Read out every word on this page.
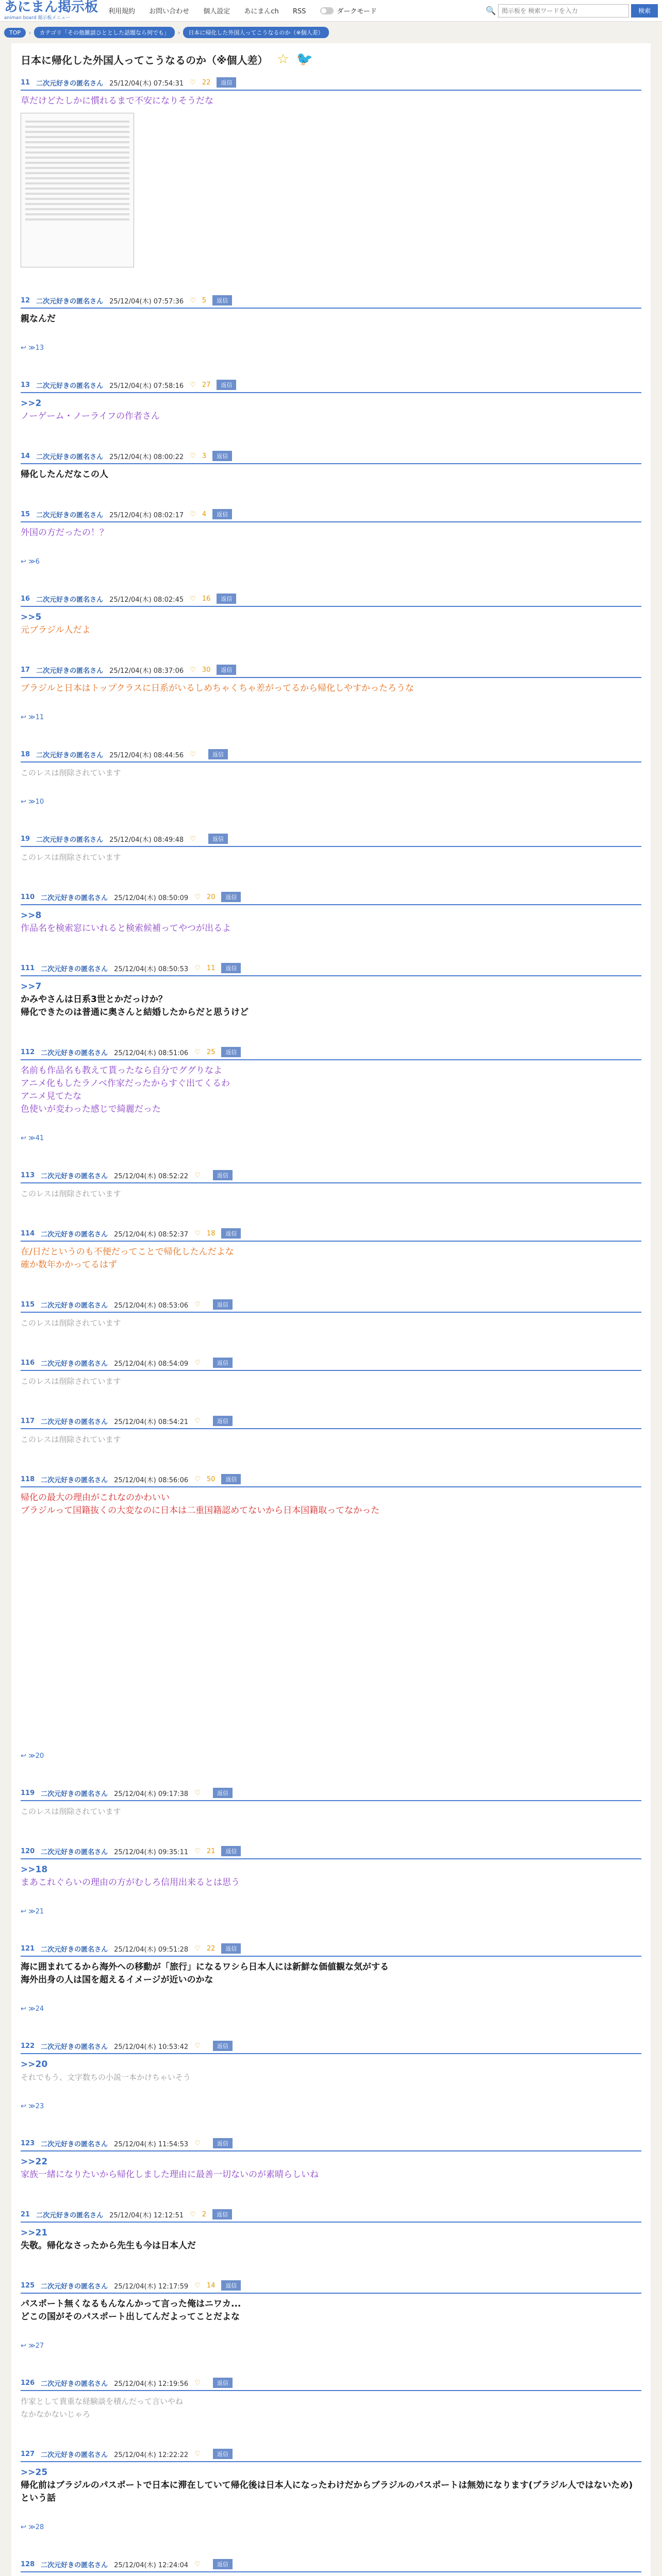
あにまん掲示板
animan board 掲示板メニュー
利用規約 お問い合わせ 個人設定 あにまんch RSS	ダークモード	🔍
掲示板を 検索ワードを入力	検索
TOP	›	カテゴリ「その他雑談ひととした話題なら何でも」	›	日本に帰化した外国人ってこうなるのか（※個人差）
日本に帰化した外国人ってこうなるのか（※個人差） ☆ 🐦
11 二次元好きの匿名さん 25/12/04(木) 07:54:31 ♡ 22	返信
草だけどたしかに慣れるまで不安になりそうだな
12 二次元好きの匿名さん 25/12/04(木) 07:57:36 ♡ 5	返信
親なんだ
↩ ≫13
13 二次元好きの匿名さん 25/12/04(木) 07:58:16 ♡ 27	返信
>>2
ノーゲーム・ノーライフの作者さん
14 二次元好きの匿名さん 25/12/04(木) 08:00:22 ♡ 3	返信
帰化したんだなこの人
15 二次元好きの匿名さん 25/12/04(木) 08:02:17 ♡ 4	返信
外国の方だったの！？
↩ ≫6
16 二次元好きの匿名さん 25/12/04(木) 08:02:45 ♡ 16	返信
>>5
元ブラジル人だよ
17 二次元好きの匿名さん 25/12/04(木) 08:37:06 ♡ 30	返信
ブラジルと日本はトップクラスに日系がいるしめちゃくちゃ差がってるから帰化しやすかったろうな
↩ ≫11
18 二次元好きの匿名さん 25/12/04(木) 08:44:56 ♡	返信
このレスは削除されています
↩ ≫10
19 二次元好きの匿名さん 25/12/04(木) 08:49:48 ♡	返信
このレスは削除されています
110 二次元好きの匿名さん 25/12/04(木) 08:50:09 ♡ 20	返信
>>8
作品名を検索窓にいれると検索候補ってやつが出るよ
111 二次元好きの匿名さん 25/12/04(木) 08:50:53 ♡ 11	返信
>>7
かみやさんは日系3世とかだっけか？
帰化できたのは普通に奥さんと結婚したからだと思うけど
112 二次元好きの匿名さん 25/12/04(木) 08:51:06 ♡ 25	返信
名前も作品名も教えて貰ったなら自分でググりなよ
アニメ化もしたラノベ作家だったからすぐ出てくるわ
アニメ見てたな
色使いが変わった感じで綺麗だった
↩ ≫41
113 二次元好きの匿名さん 25/12/04(木) 08:52:22 ♡	返信
このレスは削除されています
114 二次元好きの匿名さん 25/12/04(木) 08:52:37 ♡ 18	返信
在/日だというのも不便だってことで帰化したんだよな
確か数年かかってるはず
115 二次元好きの匿名さん 25/12/04(木) 08:53:06 ♡	返信
このレスは削除されています
116 二次元好きの匿名さん 25/12/04(木) 08:54:09 ♡	返信
このレスは削除されています
117 二次元好きの匿名さん 25/12/04(木) 08:54:21 ♡	返信
このレスは削除されています
118 二次元好きの匿名さん 25/12/04(木) 08:56:06 ♡ 50	返信
帰化の最大の理由がこれなのかわいい
ブラジルって国籍抜くの大変なのに日本は二重国籍認めてないから日本国籍取ってなかった
↩ ≫20
119 二次元好きの匿名さん 25/12/04(木) 09:17:38 ♡	返信
このレスは削除されています
120 二次元好きの匿名さん 25/12/04(木) 09:35:11 ♡ 21	返信
>>18
まあこれぐらいの理由の方がむしろ信用出来るとは思う
↩ ≫21
121 二次元好きの匿名さん 25/12/04(木) 09:51:28 ♡ 22	返信
海に囲まれてるから海外への移動が「旅行」になるワシら日本人には新鮮な価値観な気がする
海外出身の人は国を超えるイメージが近いのかな
↩ ≫24
122 二次元好きの匿名さん 25/12/04(木) 10:53:42 ♡	返信
>>20
それでもう、文字数ちの小説一本かけちゃいそう
↩ ≫23
123 二次元好きの匿名さん 25/12/04(木) 11:54:53 ♡	返信
>>22
家族一緒になりたいから帰化しました理由に最善一切ないのが素晴らしいね
21 二次元好きの匿名さん 25/12/04(木) 12:12:51 ♡ 2	返信
>>21
失敬。帰化なさったから先生も今は日本人だ
125 二次元好きの匿名さん 25/12/04(木) 12:17:59 ♡ 14	返信
パスポート無くなるもんなんかって言った俺はニワカ...
どこの国がそのパスポート出してんだよってことだよな
↩ ≫27
126 二次元好きの匿名さん 25/12/04(木) 12:19:56 ♡	返信
作家として貴重な経験談を積んだって言いやね
なかなかないじゃろ
127 二次元好きの匿名さん 25/12/04(木) 12:22:22 ♡	返信
>>25
帰化前はブラジルのパスポートで日本に滞在していて帰化後は日本人になったわけだからブラジルのパスポートは無効になります(ブラジル人ではないため)という話
↩ ≫28
128 二次元好きの匿名さん 25/12/04(木) 12:24:04 ♡	返信
